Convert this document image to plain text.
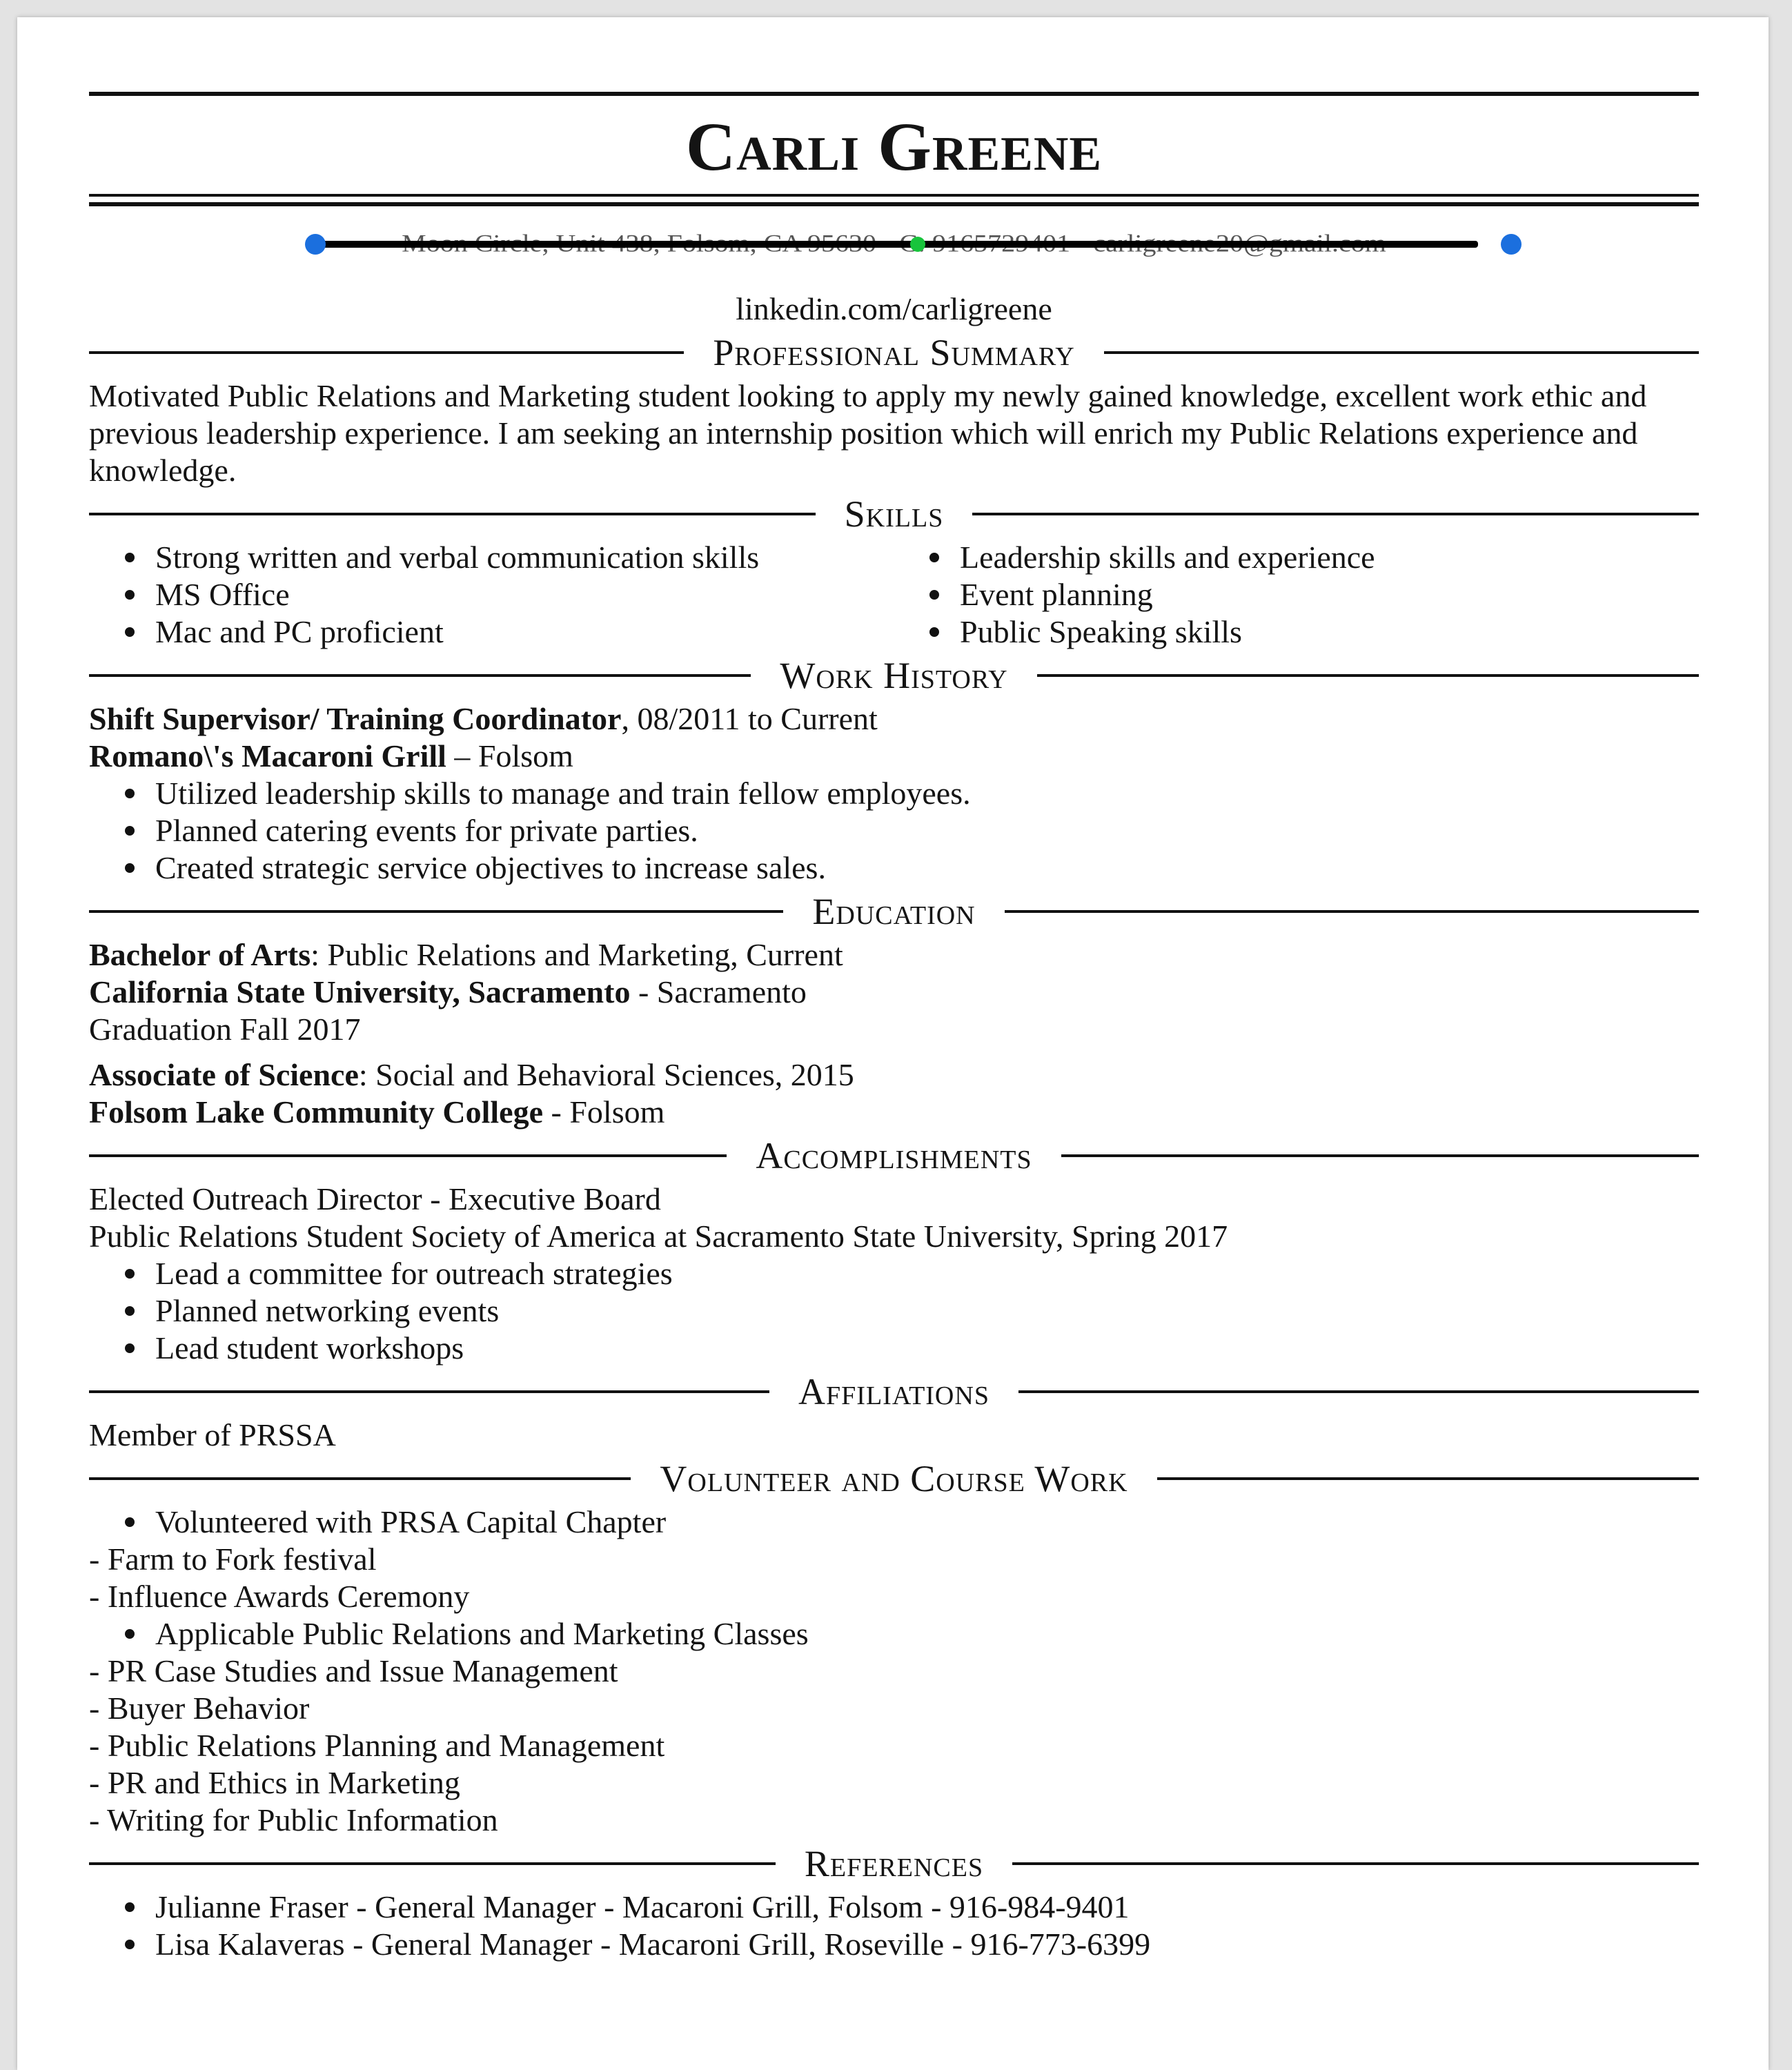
Carli Greene
linkedin.com/carligreene
Professional Summary

Motivated Public Relations and Marketing student looking to apply my newly gained knowledge, excellent work ethic and previous leadership experience. I am seeking an internship position which will enrich my Public Relations experience and knowledge.

Skills
Strong written and verbal communication skills
MS Office
Mac and PC proficient
Leadership skills and experience
Event planning
Public Speaking skills
Work History

Shift Supervisor/ Training Coordinator, 08/2011 to Current

Romano\'s Macaroni Grill – Folsom

Utilized leadership skills to manage and train fellow employees.
Planned catering events for private parties.
Created strategic service objectives to increase sales.
Education

Bachelor of Arts: Public Relations and Marketing, Current

California State University, Sacramento - Sacramento

Graduation Fall 2017

Associate of Science: Social and Behavioral Sciences, 2015

Folsom Lake Community College - Folsom

Accomplishments

Elected Outreach Director - Executive Board

Public Relations Student Society of America at Sacramento State University, Spring 2017

Lead a committee for outreach strategies
Planned networking events
Lead student workshops
Affiliations

Member of PRSSA

Volunteer and Course Work
Volunteered with PRSA Capital Chapter

- Farm to Fork festival

- Influence Awards Ceremony

Applicable Public Relations and Marketing Classes

- PR Case Studies and Issue Management

- Buyer Behavior

- Public Relations Planning and Management

- PR and Ethics in Marketing

- Writing for Public Information

References
Julianne Fraser - General Manager - Macaroni Grill, Folsom - 916-984-9401
Lisa Kalaveras - General Manager - Macaroni Grill, Roseville - 916-773-6399
